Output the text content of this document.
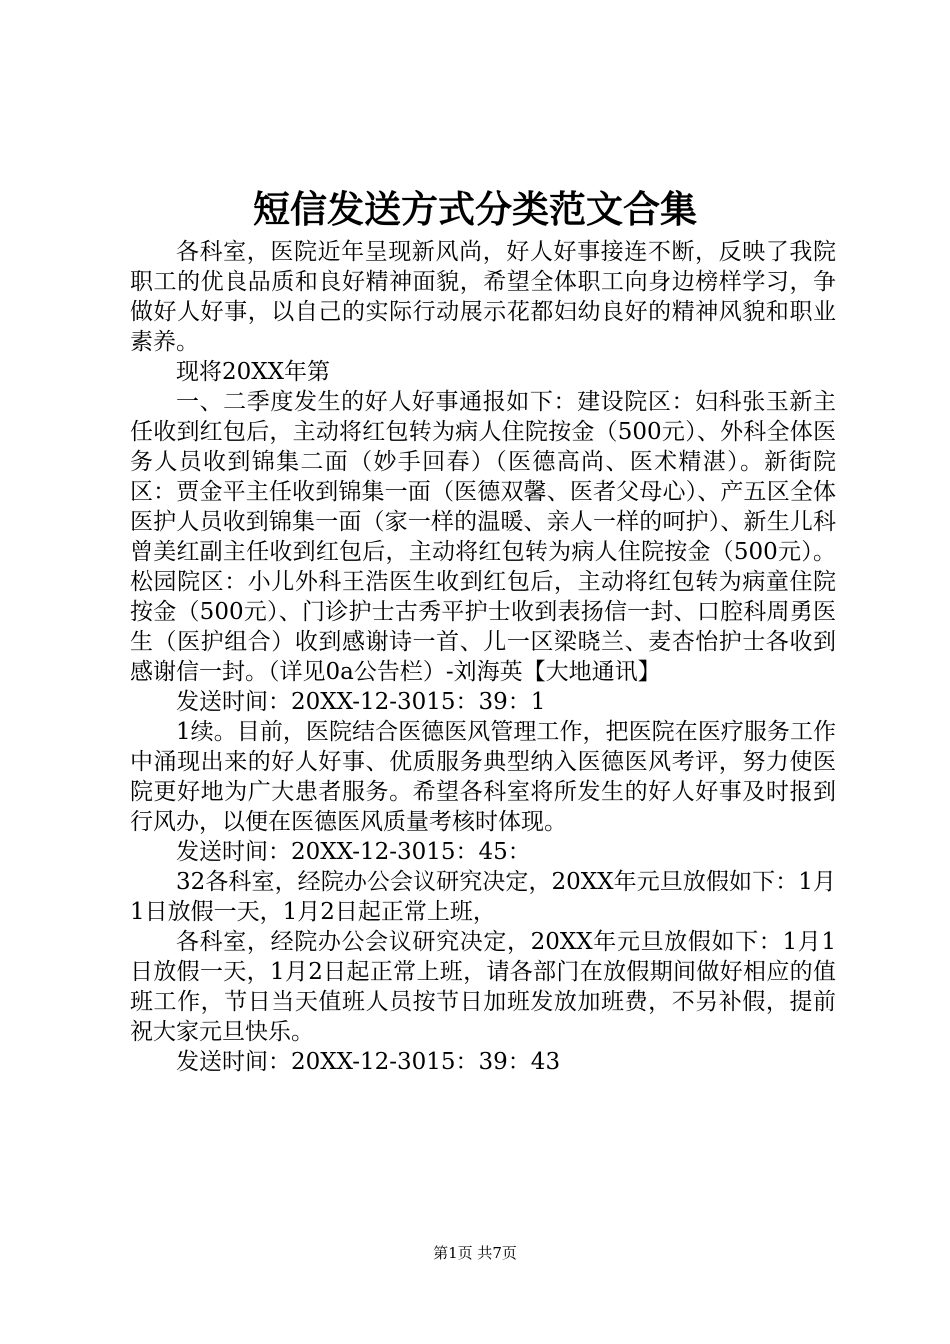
短信发送方式分类范文合集

各科室，医院近年呈现新风尚，好人好事接连不断，反映了我院职工的优良品质和良好精神面貌，希望全体职工向身边榜样学习，争做好人好事，以自己的实际行动展示花都妇幼良好的精神风貌和职业素养。

现将20XX年第

一、二季度发生的好人好事通报如下：建设院区：妇科张玉新主任收到红包后，主动将红包转为病人住院按金（500元）、外科全体医务人员收到锦集二面（妙手回春）（医德高尚、医术精湛）。新街院区：贾金平主任收到锦集一面（医德双馨、医者父母心）、产五区全体医护人员收到锦集一面（家一样的温暖、亲人一样的呵护）、新生儿科曾美红副主任收到红包后，主动将红包转为病人住院按金（500元）。松园院区：小儿外科王浩医生收到红包后，主动将红包转为病童住院按金（500元）、门诊护士古秀平护士收到表扬信一封、口腔科周勇医生（医护组合）收到感谢诗一首、儿一区梁晓兰、麦杏怡护士各收到感谢信一封。（详见0a公告栏）-刘海英【大地通讯】

发送时间：20XX-12-3015：39：1

1续。目前，医院结合医德医风管理工作，把医院在医疗服务工作中涌现出来的好人好事、优质服务典型纳入医德医风考评，努力使医院更好地为广大患者服务。希望各科室将所发生的好人好事及时报到行风办，以便在医德医风质量考核时体现。

发送时间：20XX-12-3015：45：

32各科室，经院办公会议研究决定，20XX年元旦放假如下：1月1日放假一天，1月2日起正常上班，

各科室，经院办公会议研究决定，20XX年元旦放假如下：1月1日放假一天，1月2日起正常上班，请各部门在放假期间做好相应的值班工作，节日当天值班人员按节日加班发放加班费，不另补假，提前祝大家元旦快乐。

发送时间：20XX-12-3015：39：43

第1页 共7页
